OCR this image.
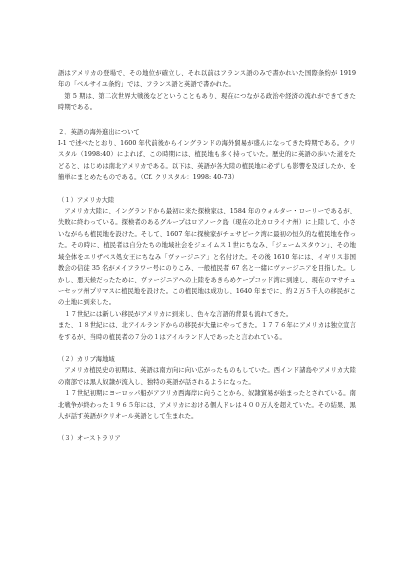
語はアメリカの登場で、その地位が確立し、それ以前はフランス語のみで書かれいた国際条約が 1919 年の「ベルサイユ条約」では、フランス語と英語で書かれた。

第 5 期は、第二次世界大戦後などということもあり、現在につながる政治や経済の流れができてきた時期である。

２．英語の海外進出について

Ⅰ-1 で述べたとおり、1600 年代前後からイングランドの海外貿易が盛んになってきた時期である。クリスタル（1998:40）によれば、この時期には、植民地も多く持っていた。歴史的に英語の歩いた道をたどると、はじめは南北アメリカである。以下は、英語が各大陸の植民地に必ずしも影響を及ぼしたか、を簡単にまとめたものである。（Cf. クリスタル：1998: 40-73）

（１）アメリカ大陸

アメリカ大陸に、イングランドから最初に来た探検家は、1584 年のウォルター・ローリーであるが、失敗に終わっている。探検者のあるグループはロアノーク島（現在の北カロライナ州）に上陸して、小さいながらも植民地を設けた。そして、1607 年に探検家がチェサピーク湾に最初の恒久的な植民地を作った。その時に、植民者は自分たちの地域社会をジェイムス１世にちなみ、「ジェームスタウン」、その地域全体をエリザベス処女王にちなみ「ヴァージニア」と名付けた。その後 1610 年には、イギリス非国教会の信徒 35 名がメイフラワー号にのりこみ、一般植民者 67 名と一緒にヴァージニアを目指した。しかし、悪天候だったために、ヴァージニアへの上陸をあきらめケープコッド湾に到達し、現在のマサチューセッツ州プリマスに植民地を設けた。この植民地は成功し、1640 年までに、約２万５千人の移民がこの土地に到来した。

１７世紀には新しい移民がアメリカに到来し、色々な言語的背景も流れてきた。

また、１８世紀には、北アイルランドからの移民が大量にやってきた。１７７６年にアメリカは独立宣言をするが、当時の植民者の７分の１はアイルランド人であったと言われている。

（２）カリブ海地域

アメリカ植民史の初期は、英語は南方向に向い広がったものもしていた。西インド諸島やアメリカ大陸の南部では黒人奴隷が流入し、独特の英語が話されるようになった。

１７世紀初期にヨーロッパ船がアフリカ西海岸に向うことから、奴隷貿易が始まったとされている。南北戦争が終わった１９６５年には、アメリカにおける個人ドレは４００万人を超えていた。その結果、黒人が話す英語がクリオール英語として生まれた。

（３）オーストラリア
